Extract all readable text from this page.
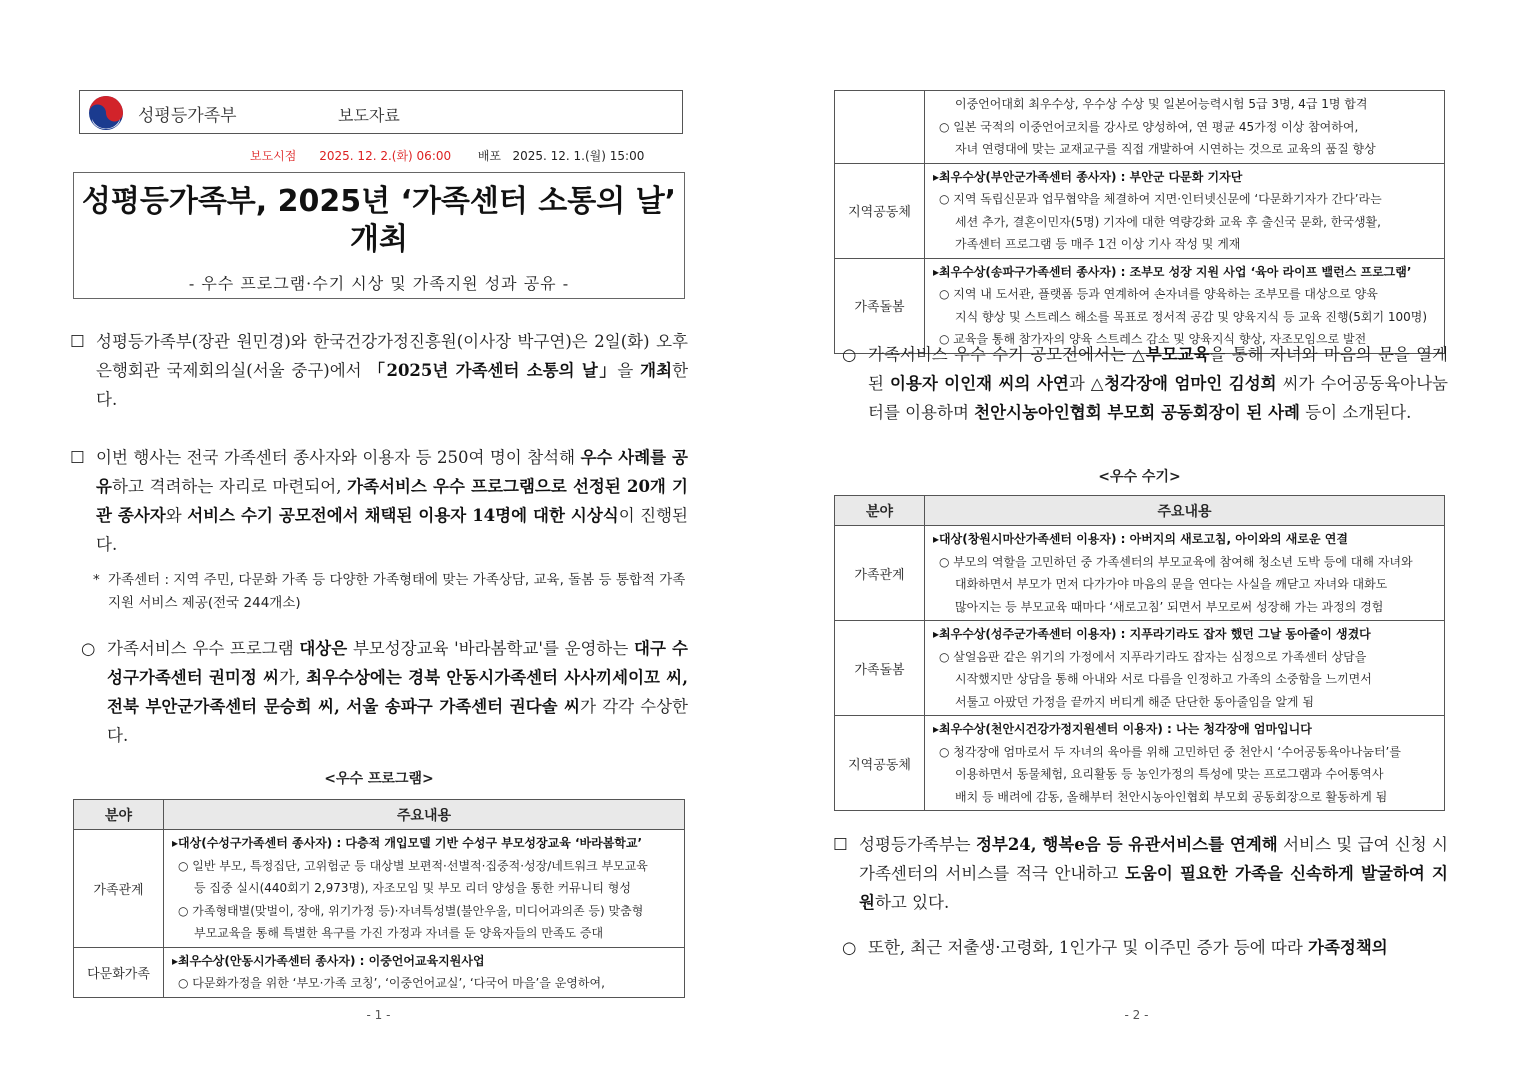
성평등가족부	보도자료
보도시점 2025. 12. 2.(화) 06:00 배포 2025. 12. 1.(월) 15:00
성평등가족부, 2025년 ‘가족센터 소통의 날’
개최
- 우수 프로그램·수기 시상 및 가족지원 성과 공유 -
☐ 성평등가족부(장관 원민경)와 한국건강가정진흥원(이사장 박구연)은 2일(화) 오후 은행회관 국제회의실(서울 중구)에서 「2025년 가족센터 소통의 날」을 개최한다.
☐ 이번 행사는 전국 가족센터 종사자와 이용자 등 250여 명이 참석해 우수 사례를 공유하고 격려하는 자리로 마련되어, 가족서비스 우수 프로그램으로 선정된 20개 기관 종사자와 서비스 수기 공모전에서 채택된 이용자 14명에 대한 시상식이 진행된다.
* 가족센터 : 지역 주민, 다문화 가족 등 다양한 가족형태에 맞는 가족상담, 교육, 돌봄 등 통합적 가족지원 서비스 제공(전국 244개소)
○ 가족서비스 우수 프로그램 대상은 부모성장교육 '바라봄학교'를 운영하는 대구 수성구가족센터 권미정 씨가, 최우수상에는 경북 안동시가족센터 사사끼세이꼬 씨, 전북 부안군가족센터 문승희 씨, 서울 송파구 가족센터 권다솔 씨가 각각 수상한다.
<우수 프로그램>
분야	주요내용
가족관계	▸대상(수성구가족센터 종사자) : 다층적 개입모델 기반 수성구 부모성장교육 ‘바라봄학교’
○ 일반 부모, 특정집단, 고위험군 등 대상별 보편적·선별적·집중적·성장/네트워크 부모교육
등 집중 실시(440회기 2,973명), 자조모임 및 부모 리더 양성을 통한 커뮤니티 형성
○ 가족형태별(맞벌이, 장애, 위기가정 등)·자녀특성별(불안우울, 미디어과의존 등) 맞춤형
부모교육을 통해 특별한 욕구를 가진 가정과 자녀를 둔 양육자들의 만족도 증대

다문화가족	▸최우수상(안동시가족센터 종사자) : 이중언어교육지원사업
○ 다문화가정을 위한 ‘부모·가족 코칭’, ‘이중언어교실’, ‘다국어 마을’을 운영하여,
- 1 -

	이중언어대회 최우수상, 우수상 수상 및 일본어능력시험 5급 3명, 4급 1명 합격
○ 일본 국적의 이중언어코치를 강사로 양성하여, 연 평균 45가정 이상 참여하여,
자녀 연령대에 맞는 교재교구를 직접 개발하여 시연하는 것으로 교육의 품질 향상

지역공동체	▸최우수상(부안군가족센터 종사자) : 부안군 다문화 기자단
○ 지역 독립신문과 업무협약을 체결하여 지면·인터넷신문에 ‘다문화기자가 간다’라는
세션 추가, 결혼이민자(5명) 기자에 대한 역량강화 교육 후 출신국 문화, 한국생활,
가족센터 프로그램 등 매주 1건 이상 기사 작성 및 게재

가족돌봄	▸최우수상(송파구가족센터 종사자) : 조부모 성장 지원 사업 ‘육아 라이프 밸런스 프로그램’
○ 지역 내 도서관, 플랫폼 등과 연계하여 손자녀를 양육하는 조부모를 대상으로 양육
지식 향상 및 스트레스 해소를 목표로 정서적 공감 및 양육지식 등 교육 진행(5회기 100명)
○ 교육을 통해 참가자의 양육 스트레스 감소 및 양육지식 향상, 자조모임으로 발전
○ 가족서비스 우수 수기 공모전에서는 △부모교육을 통해 자녀와 마음의 문을 열게 된 이용자 이인재 씨의 사연과 △청각장애 엄마인 김성희 씨가 수어공동육아나눔터를 이용하며 천안시농아인협회 부모회 공동회장이 된 사례 등이 소개된다.
<우수 수기>
분야	주요내용
가족관계	▸대상(창원시마산가족센터 이용자) : 아버지의 새로고침, 아이와의 새로운 연결
○ 부모의 역할을 고민하던 중 가족센터의 부모교육에 참여해 청소년 도박 등에 대해 자녀와
대화하면서 부모가 먼저 다가가야 마음의 문을 연다는 사실을 깨닫고 자녀와 대화도
많아지는 등 부모교육 때마다 ‘새로고침’ 되면서 부모로써 성장해 가는 과정의 경험

가족돌봄	▸최우수상(성주군가족센터 이용자) : 지푸라기라도 잡자 했던 그날 동아줄이 생겼다
○ 살얼음판 같은 위기의 가정에서 지푸라기라도 잡자는 심정으로 가족센터 상담을
시작했지만 상담을 통해 아내와 서로 다름을 인정하고 가족의 소중함을 느끼면서
서툴고 아팠던 가정을 끝까지 버티게 해준 단단한 동아줄임을 알게 됨

지역공동체	▸최우수상(천안시건강가정지원센터 이용자) : 나는 청각장애 엄마입니다
○ 청각장애 엄마로서 두 자녀의 육아를 위해 고민하던 중 천안시 ‘수어공동육아나눔터’를
이용하면서 동물체험, 요리활동 등 농인가정의 특성에 맞는 프로그램과 수어통역사
배치 등 배려에 감동, 올해부터 천안시농아인협회 부모회 공동회장으로 활동하게 됨
☐ 성평등가족부는 정부24, 행복e음 등 유관서비스를 연계해 서비스 및 급여 신청 시 가족센터의 서비스를 적극 안내하고 도움이 필요한 가족을 신속하게 발굴하여 지원하고 있다.
○ 또한, 최근 저출생·고령화, 1인가구 및 이주민 증가 등에 따라 가족정책의
- 2 -
